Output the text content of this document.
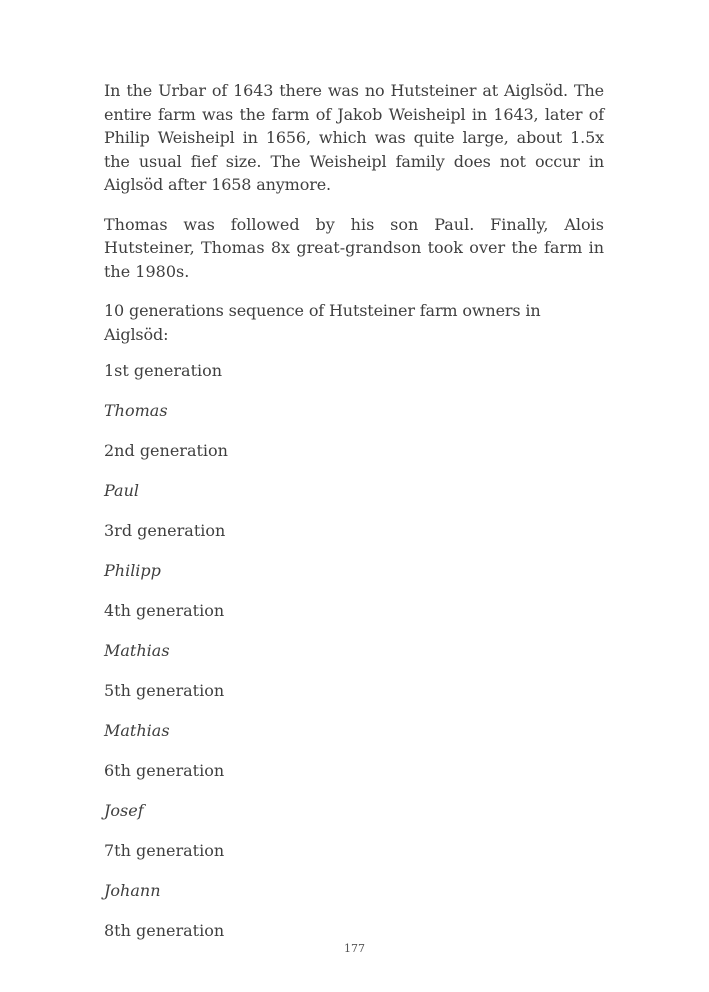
In the Urbar of 1643 there was no Hutsteiner at Aiglsöd. The entire farm was the farm of Jakob Weisheipl in 1643, later of Philip Weisheipl in 1656, which was quite large, about 1.5x the usual fief size. The Weisheipl family does not occur in Aiglsöd after 1658 anymore.

Thomas was followed by his son Paul. Finally, Alois Hutsteiner, Thomas 8x great-grandson took over the farm in the 1980s.

10 generations sequence of Hutsteiner farm owners in Aiglsöd:

1st generation
Thomas
2nd generation
Paul
3rd generation
Philipp
4th generation
Mathias
5th generation
Mathias
6th generation
Josef
7th generation
Johann
8th generation
177
